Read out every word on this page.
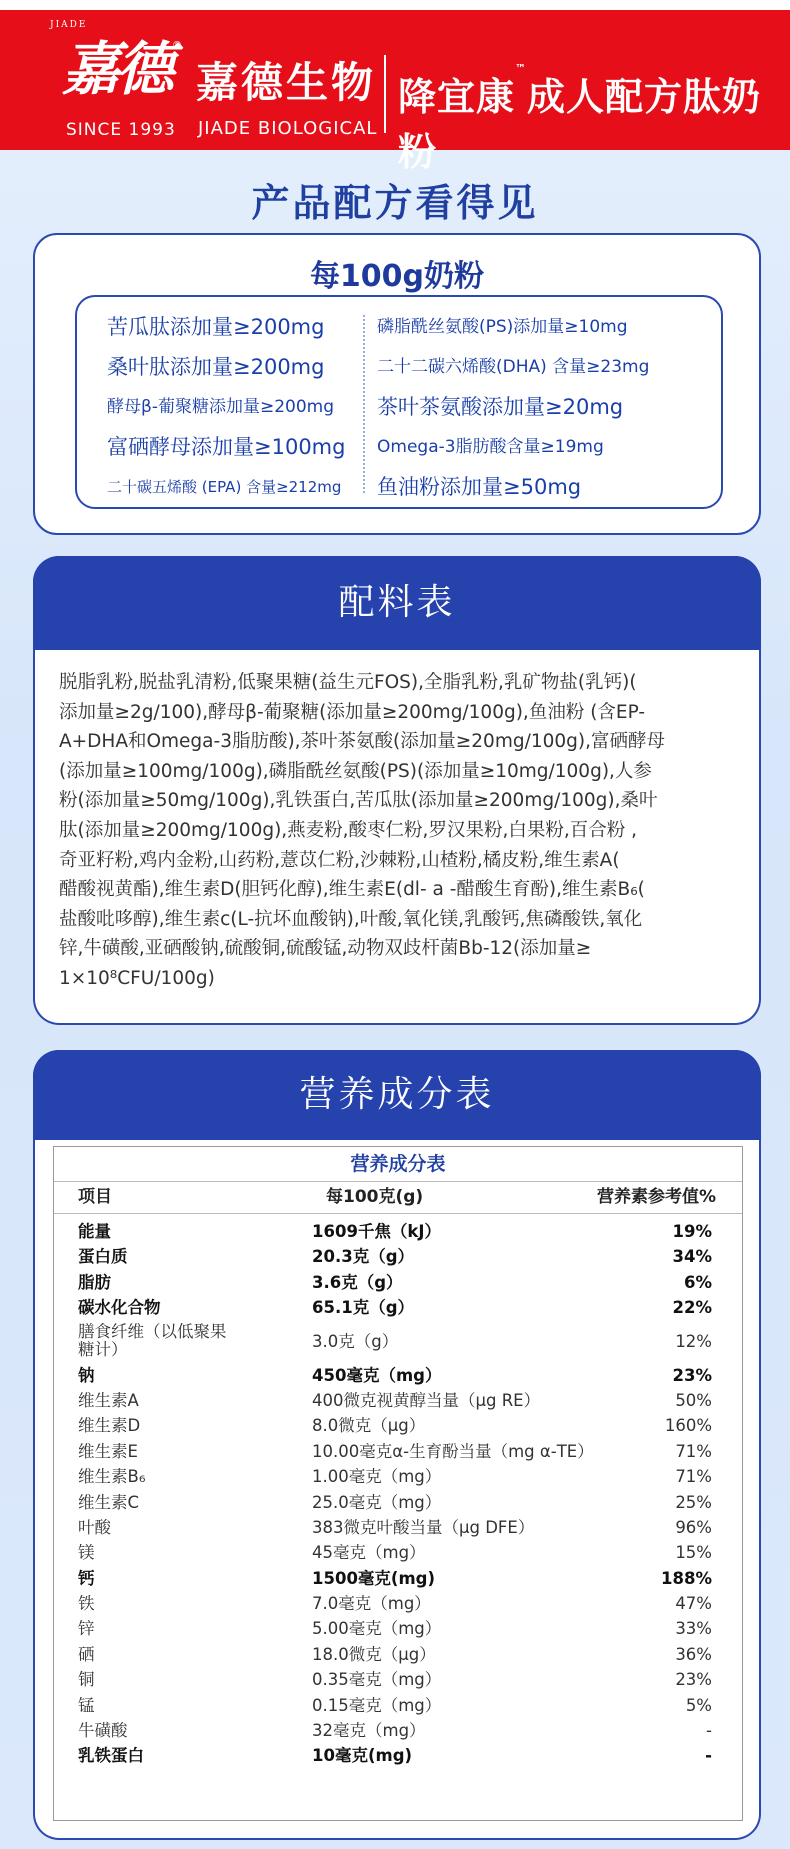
嘉德
JIADE
®
SINCE 1993
嘉德生物
JIADE BIOLOGICAL
降宜康™成人配方肽奶粉
产品配方看得见
每100g奶粉
苦瓜肽添加量≥200mg
桑叶肽添加量≥200mg
酵母β-葡聚糖添加量≥200mg
富硒酵母添加量≥100mg
二十碳五烯酸 (EPA) 含量≥212mg
磷脂酰丝氨酸(PS)添加量≥10mg
二十二碳六烯酸(DHA) 含量≥23mg
茶叶茶氨酸添加量≥20mg
Omega-3脂肪酸含量≥19mg
鱼油粉添加量≥50mg
配料表
脱脂乳粉,脱盐乳清粉,低聚果糖(益生元FOS),全脂乳粉,乳矿物盐(乳钙)(
添加量≥2g/100),酵母β-葡聚糖(添加量≥200mg/100g),鱼油粉 (含EP-
A+DHA和Omega-3脂肪酸),茶叶茶氨酸(添加量≥20mg/100g),富硒酵母
(添加量≥100mg/100g),磷脂酰丝氨酸(PS)(添加量≥10mg/100g),人参
粉(添加量≥50mg/100g),乳铁蛋白,苦瓜肽(添加量≥200mg/100g),桑叶
肽(添加量≥200mg/100g),燕麦粉,酸枣仁粉,罗汉果粉,白果粉,百合粉 ,
奇亚籽粉,鸡内金粉,山药粉,薏苡仁粉,沙棘粉,山楂粉,橘皮粉,维生素A(
醋酸视黄酯),维生素D(胆钙化醇),维生素E(dl- a -醋酸生育酚),维生素B₆(
盐酸吡哆醇),维生素c(L-抗坏血酸钠),叶酸,氧化镁,乳酸钙,焦磷酸铁,氧化
锌,牛磺酸,亚硒酸钠,硫酸铜,硫酸锰,动物双歧杆菌Bb-12(添加量≥
1×10⁸CFU/100g)
营养成分表
营养成分表
项目	每100克(g)	营养素参考值%
能量	1609千焦（kJ）	19%
蛋白质	20.3克（g）	34%
脂肪	3.6克（g）	6%
碳水化合物	65.1克（g）	22%
膳食纤维（以低聚果糖计）	3.0克（g）	12%
钠	450毫克（mg）	23%
维生素A	400微克视黄醇当量（μg RE）	50%
维生素D	8.0微克（μg）	160%
维生素E	10.00毫克α-生育酚当量（mg α-TE）	71%
维生素B₆	1.00毫克（mg）	71%
维生素C	25.0毫克（mg）	25%
叶酸	383微克叶酸当量（μg DFE）	96%
镁	45毫克（mg）	15%
钙	1500毫克(mg)	188%
铁	7.0毫克（mg）	47%
锌	5.00毫克（mg）	33%
硒	18.0微克（μg）	36%
铜	0.35毫克（mg）	23%
锰	0.15毫克（mg）	5%
牛磺酸	32毫克（mg）	-
乳铁蛋白	10毫克(mg)	-
